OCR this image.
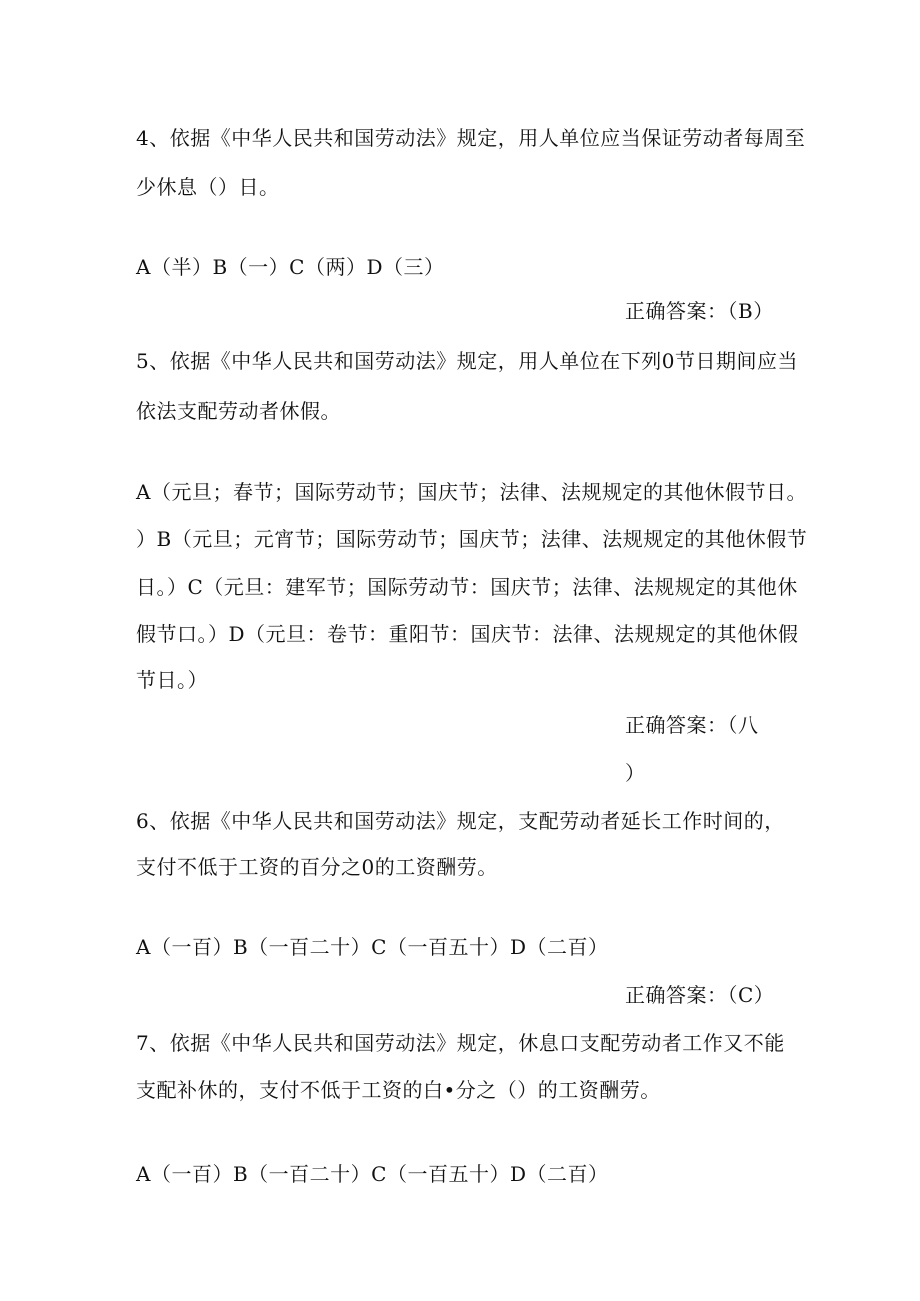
4、依据《中华人民共和国劳动法》规定，用人单位应当保证劳动者每周至
少休息（）日。
A（半）B（一）C（两）D（三）
正确答案：（B）
5、依据《中华人民共和国劳动法》规定，用人单位在下列0节日期间应当
依法支配劳动者休假。
A（元旦；春节；国际劳动节；国庆节；法律、法规规定的其他休假节日。
）B（元旦；元宵节；国际劳动节；国庆节；法律、法规规定的其他休假节
日。）C（元旦：建军节；国际劳动节：国庆节；法律、法规规定的其他休
假节口。）D（元旦：卷节：重阳节：国庆节：法律、法规规定的其他休假
节日。）
正确答案：（八
）
6、依据《中华人民共和国劳动法》规定，支配劳动者延长工作时间的，
支付不低于工资的百分之0的工资酬劳。
A（一百）B（一百二十）C（一百五十）D（二百）
正确答案：（C）
7、依据《中华人民共和国劳动法》规定，休息口支配劳动者工作又不能
支配补休的，支付不低于工资的白•分之（）的工资酬劳。
A（一百）B（一百二十）C（一百五十）D（二百）
